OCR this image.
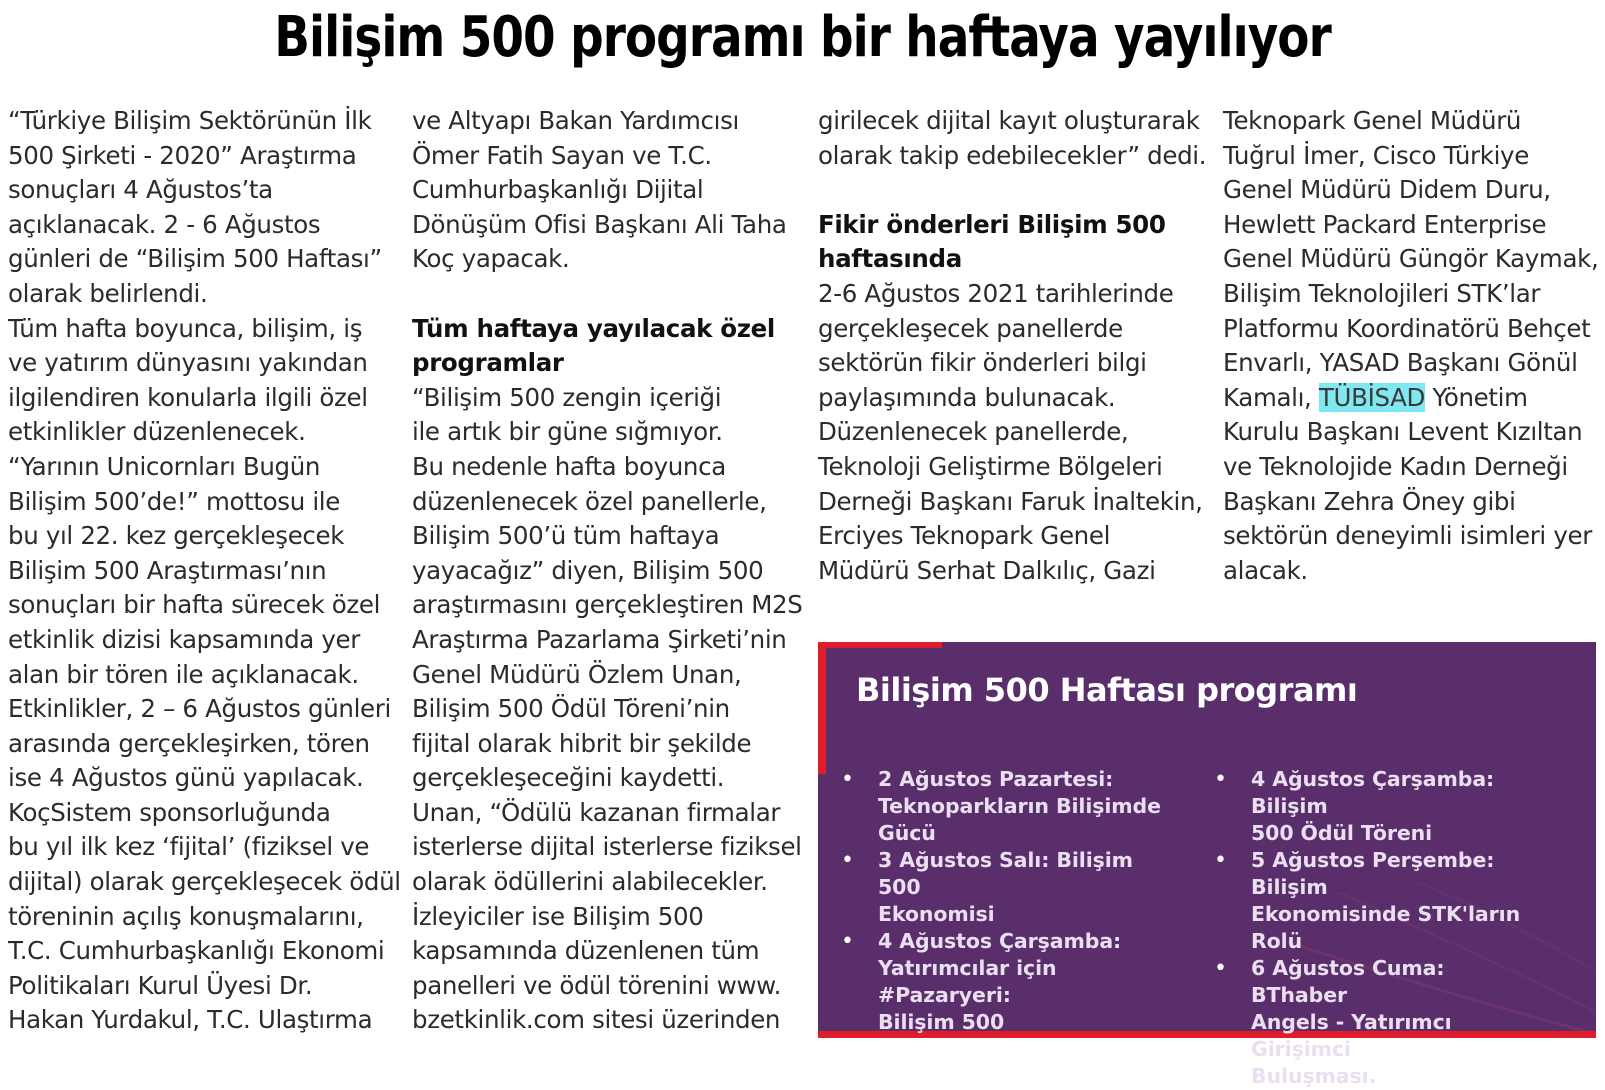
Bilişim 500 programı bir haftaya yayılıyor
“Türkiye Bilişim Sektörünün İlk
500 Şirketi - 2020” Araştırma
sonuçları 4 Ağustos’ta
açıklanacak. 2 - 6 Ağustos
günleri de “Bilişim 500 Haftası”
olarak belirlendi.
Tüm hafta boyunca, bilişim, iş
ve yatırım dünyasını yakından
ilgilendiren konularla ilgili özel
etkinlikler düzenlenecek.
“Yarının Unicornları Bugün
Bilişim 500’de!” mottosu ile
bu yıl 22. kez gerçekleşecek
Bilişim 500 Araştırması’nın
sonuçları bir hafta sürecek özel
etkinlik dizisi kapsamında yer
alan bir tören ile açıklanacak.
Etkinlikler, 2 – 6 Ağustos günleri
arasında gerçekleşirken, tören
ise 4 Ağustos günü yapılacak.
KoçSistem sponsorluğunda
bu yıl ilk kez ‘fijital’ (fiziksel ve
dijital) olarak gerçekleşecek ödül
töreninin açılış konuşmalarını,
T.C. Cumhurbaşkanlığı Ekonomi
Politikaları Kurul Üyesi Dr.
Hakan Yurdakul, T.C. Ulaştırma
ve Altyapı Bakan Yardımcısı
Ömer Fatih Sayan ve T.C.
Cumhurbaşkanlığı Dijital
Dönüşüm Ofisi Başkanı Ali Taha
Koç yapacak.
Tüm haftaya yayılacak özel
programlar
“Bilişim 500 zengin içeriği
ile artık bir güne sığmıyor.
Bu nedenle hafta boyunca
düzenlenecek özel panellerle,
Bilişim 500’ü tüm haftaya
yayacağız” diyen, Bilişim 500
araştırmasını gerçekleştiren M2S
Araştırma Pazarlama Şirketi’nin
Genel Müdürü Özlem Unan,
Bilişim 500 Ödül Töreni’nin
fijital olarak hibrit bir şekilde
gerçekleşeceğini kaydetti.
Unan, “Ödülü kazanan firmalar
isterlerse dijital isterlerse fiziksel
olarak ödüllerini alabilecekler.
İzleyiciler ise Bilişim 500
kapsamında düzenlenen tüm
panelleri ve ödül törenini www.
bzetkinlik.com sitesi üzerinden
girilecek dijital kayıt oluşturarak
olarak takip edebilecekler” dedi.
Fikir önderleri Bilişim 500
haftasında
2-6 Ağustos 2021 tarihlerinde
gerçekleşecek panellerde
sektörün fikir önderleri bilgi
paylaşımında bulunacak.
Düzenlenecek panellerde,
Teknoloji Geliştirme Bölgeleri
Derneği Başkanı Faruk İnaltekin,
Erciyes Teknopark Genel
Müdürü Serhat Dalkılıç, Gazi
Teknopark Genel Müdürü
Tuğrul İmer, Cisco Türkiye
Genel Müdürü Didem Duru,
Hewlett Packard Enterprise
Genel Müdürü Güngör Kaymak,
Bilişim Teknolojileri STK’lar
Platformu Koordinatörü Behçet
Envarlı, YASAD Başkanı Gönül
Kamalı, TÜBİSAD Yönetim
Kurulu Başkanı Levent Kızıltan
ve Teknolojide Kadın Derneği
Başkanı Zehra Öney gibi
sektörün deneyimli isimleri yer
alacak.
Bilişim 500 Haftası programı
• 2 Ağustos Pazartesi:
Teknoparkların Bilişimde
Gücü
• 3 Ağustos Salı: Bilişim 500
Ekonomisi
• 4 Ağustos Çarşamba:
Yatırımcılar için #Pazaryeri:
Bilişim 500
• 4 Ağustos Çarşamba: Bilişim
500 Ödül Töreni
• 5 Ağustos Perşembe: Bilişim
Ekonomisinde STK'ların
Rolü
• 6 Ağustos Cuma: BThaber
Angels - Yatırımcı Girişimci
Buluşması.
